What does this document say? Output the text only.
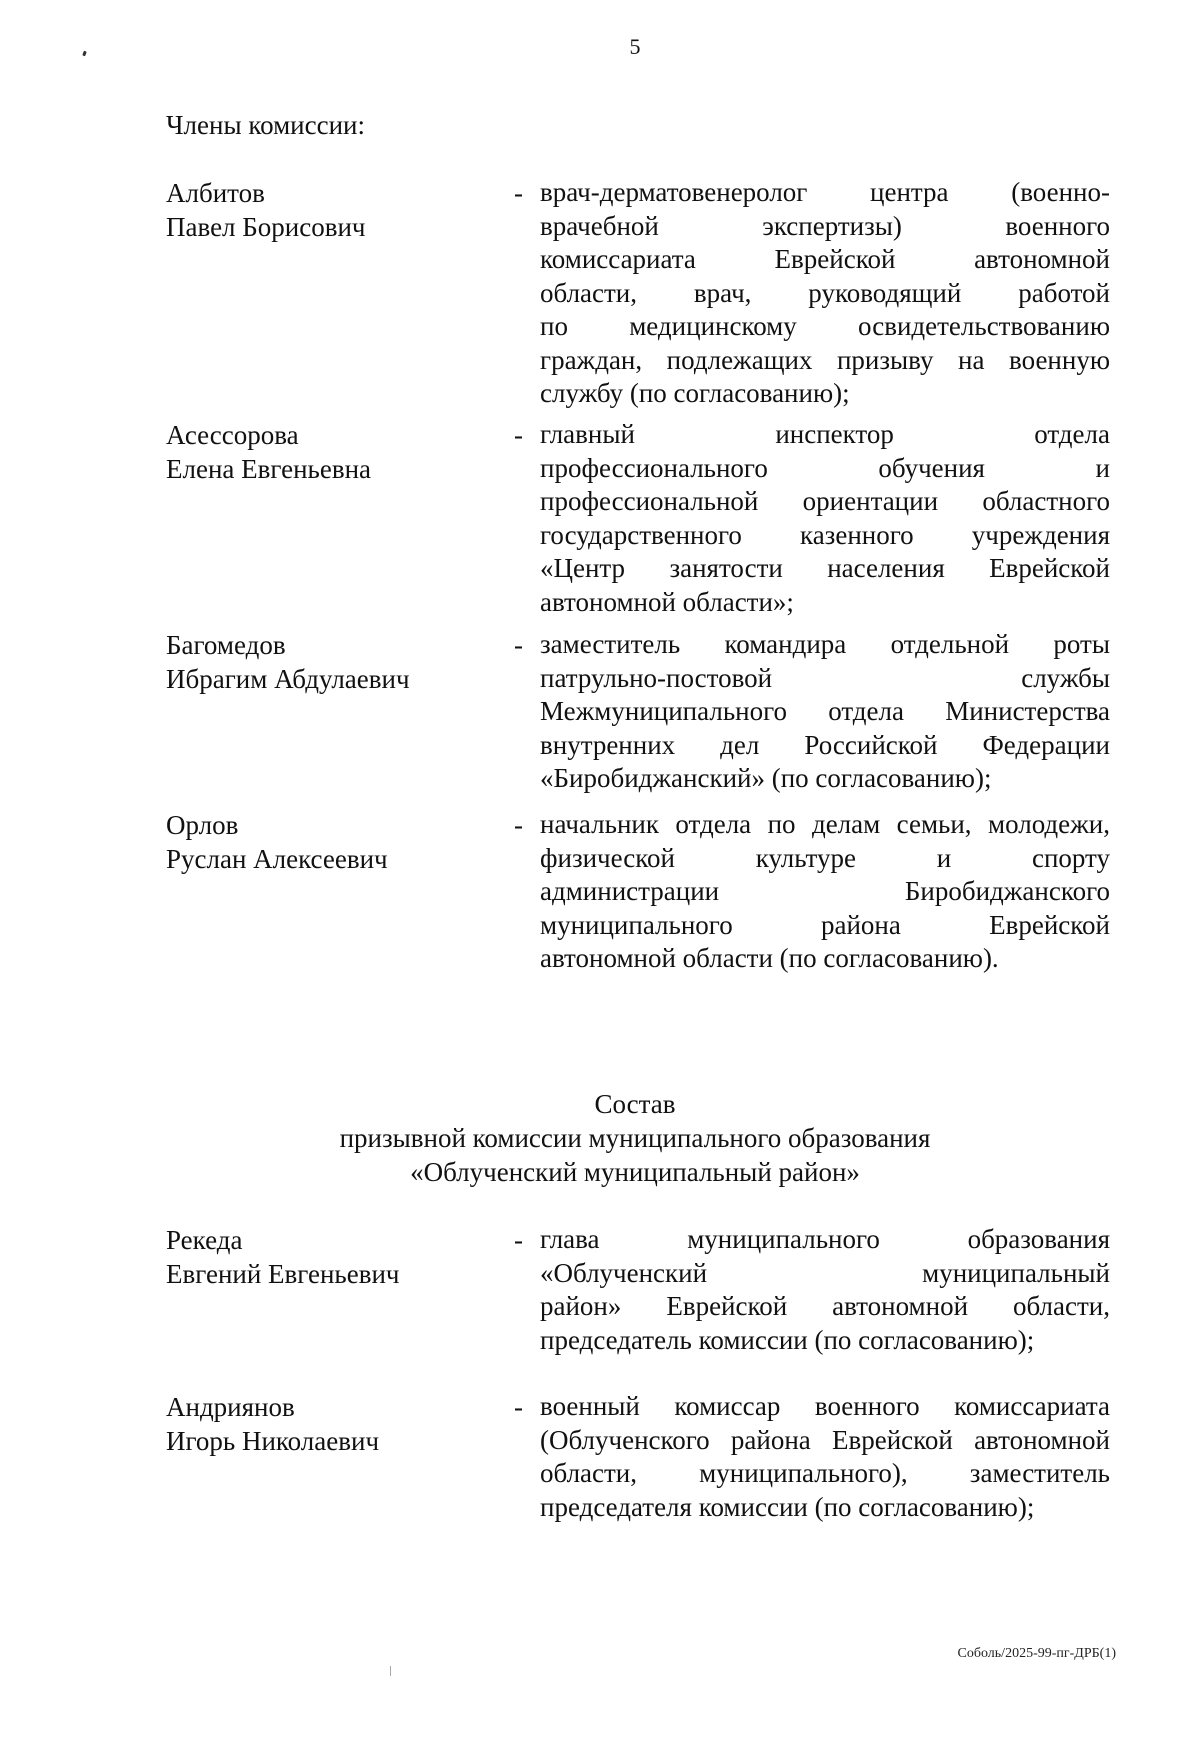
5
Члены комиссии:
Албитов
Павел Борисович
- врач-дерматовенеролог центра (военно-
врачебной экспертизы) военного
комиссариата Еврейской автономной
области, врач, руководящий работой
по медицинскому освидетельствованию
граждан, подлежащих призыву на военную
службу (по согласованию);
Асессорова
Елена Евгеньевна
- главный инспектор отдела
профессионального обучения и
профессиональной ориентации областного
государственного казенного учреждения
«Центр занятости населения Еврейской
автономной области»;
Багомедов
Ибрагим Абдулаевич
- заместитель командира отдельной роты
патрульно-постовой службы
Межмуниципального отдела Министерства
внутренних дел Российской Федерации
«Биробиджанский» (по согласованию);
Орлов
Руслан Алексеевич
- начальник отдела по делам семьи, молодежи,
физической культуре и спорту
администрации Биробиджанского
муниципального района Еврейской
автономной области (по согласованию).
Состав
призывной комиссии муниципального образования
«Облученский муниципальный район»
Рекеда
Евгений Евгеньевич
- глава муниципального образования
«Облученский муниципальный
район» Еврейской автономной области,
председатель комиссии (по согласованию);
Андриянов
Игорь Николаевич
- военный комиссар военного комиссариата
(Облученского района Еврейской автономной
области, муниципального), заместитель
председателя комиссии (по согласованию);
Соболь/2025-99-пг-ДРБ(1)
